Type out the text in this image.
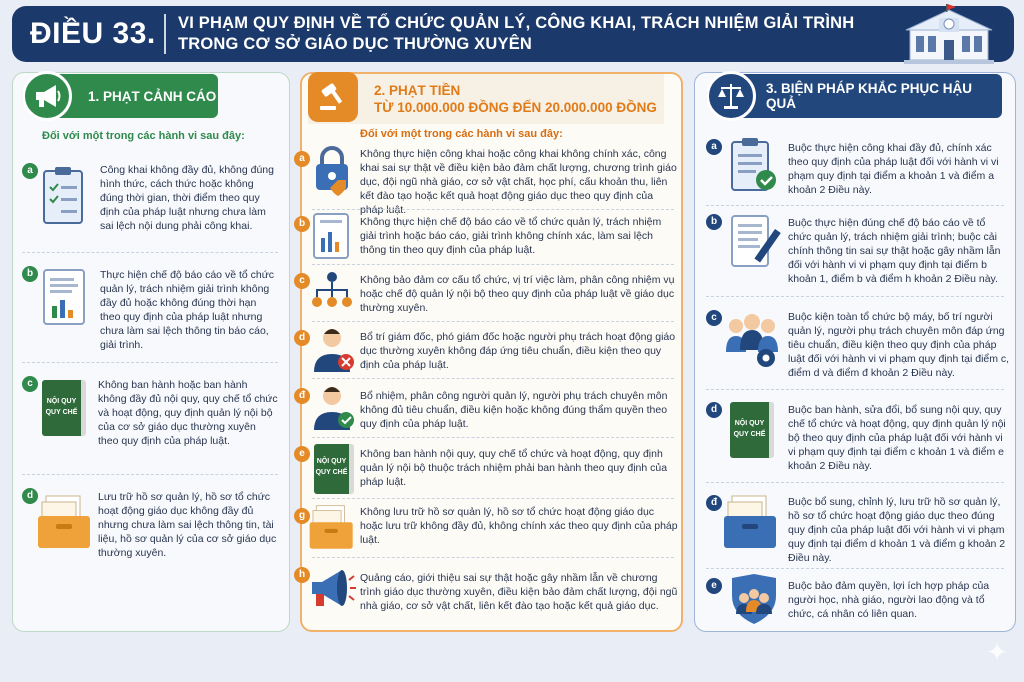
ĐIỀU 33. VI PHẠM QUY ĐỊNH VỀ TỔ CHỨC QUẢN LÝ, CÔNG KHAI, TRÁCH NHIỆM GIẢI TRÌNH
TRONG CƠ SỞ GIÁO DỤC THƯỜNG XUYÊN
1. PHẠT CẢNH CÁO	2. PHẠT TIỀN
TỪ 10.000.000 ĐỒNG ĐẾN 20.000.000 ĐỒNG
3. BIỆN PHÁP KHẮC PHỤC HẬU QUẢ
Đối với một trong các hành vi sau đây:	Đối với một trong các hành vi sau đây:
a	Công khai không đầy đủ, không đúng hình thức, cách thức hoặc không đúng thời gian, thời điểm theo quy định của pháp luật nhưng chưa làm sai lệch nội dung phải công khai.
b	Thực hiện chế độ báo cáo về tổ chức quản lý, trách nhiệm giải trình không đầy đủ hoặc không đúng thời hạn theo quy định của pháp luật nhưng chưa làm sai lệch thông tin báo cáo, giải trình.
c
NỘI QUY
QUY CHẾ
Không ban hành hoặc ban hành không đầy đủ nội quy, quy chế tổ chức và hoạt động, quy định quản lý nội bộ của cơ sở giáo dục thường xuyên theo quy định của pháp luật.
d	Lưu trữ hồ sơ quản lý, hồ sơ tổ chức hoạt động giáo dục không đầy đủ nhưng chưa làm sai lệch thông tin, tài liệu, hồ sơ quản lý của cơ sở giáo dục thường xuyên.
a	Không thực hiện công khai hoặc công khai không chính xác, công khai sai sự thật về điều kiện bảo đảm chất lượng, chương trình giáo dục, đội ngũ nhà giáo, cơ sở vật chất, học phí, cấu khoản thu, liên kết đào tạo hoặc kết quả hoạt động giáo dục theo quy định của pháp luật.
b	Không thực hiện chế độ báo cáo về tổ chức quản lý, trách nhiệm giải trình hoặc báo cáo, giải trình không chính xác, làm sai lệch thông tin theo quy định của pháp luật.
c	Không bảo đảm cơ cấu tổ chức, vị trí việc làm, phân công nhiệm vụ hoặc chế độ quản lý nội bộ theo quy định của pháp luật về giáo dục thường xuyên.
d	Bổ trí giám đốc, phó giám đốc hoặc người phụ trách hoạt động giáo dục thường xuyên không đáp ứng tiêu chuẩn, điều kiện theo quy định của pháp luật.
đ	Bổ nhiệm, phân công người quản lý, người phụ trách chuyên môn không đủ tiêu chuẩn, điều kiện hoặc không đúng thẩm quyền theo quy định của pháp luật.
e
NỘI QUY
QUY CHẾ
Không ban hành nội quy, quy chế tổ chức và hoạt động, quy định quản lý nội bộ thuộc trách nhiệm phải ban hành theo quy định của pháp luật.
g	Không lưu trữ hồ sơ quản lý, hồ sơ tổ chức hoạt động giáo dục hoặc lưu trữ không đầy đủ, không chính xác theo quy định của pháp luật.
h	Quảng cáo, giới thiệu sai sự thật hoặc gây nhầm lẫn về chương trình giáo dục thường xuyên, điều kiện bảo đảm chất lượng, đội ngũ nhà giáo, cơ sở vật chất, liên kết đào tạo hoặc kết quả giáo dục.
a	Buộc thực hiện công khai đầy đủ, chính xác theo quy định của pháp luật đối với hành vi vi phạm quy định tại điểm a khoản 1 và điểm a khoản 2 Điều này.
b	Buộc thực hiện đúng chế độ báo cáo về tổ chức quản lý, trách nhiệm giải trình; buộc cải chính thông tin sai sự thật hoặc gây nhầm lẫn đối với hành vi vi phạm quy định tại điểm b khoản 1, điểm b và điểm h khoản 2 Điều này.
c	Buộc kiện toàn tổ chức bộ máy, bố trí người quản lý, người phụ trách chuyên môn đáp ứng tiêu chuẩn, điều kiện theo quy định của pháp luật đối với hành vi vi phạm quy định tại điểm c, điểm d và điểm đ khoản 2 Điều này.
d
NỘI QUY
QUY CHẾ
Buộc ban hành, sửa đổi, bổ sung nội quy, quy chế tổ chức và hoạt động, quy định quản lý nội bộ theo quy định của pháp luật đối với hành vi vi phạm quy định tại điểm c khoản 1 và điểm e khoản 2 Điều này.
đ	Buộc bổ sung, chỉnh lý, lưu trữ hồ sơ quản lý, hồ sơ tổ chức hoạt động giáo dục theo đúng quy định của pháp luật đối với hành vi vi phạm quy định tại điểm d khoản 1 và điểm g khoản 2 Điều này.
e	Buộc bảo đảm quyền, lợi ích hợp pháp của người học, nhà giáo, người lao động và tổ chức, cá nhân có liên quan.
✦
